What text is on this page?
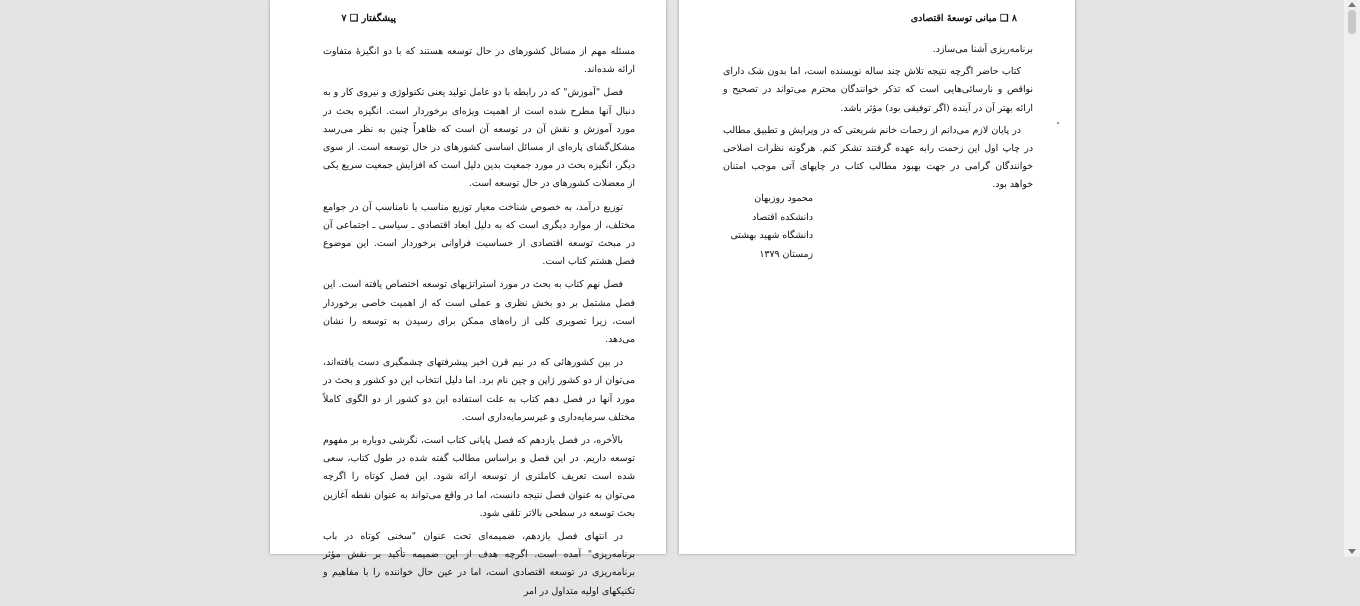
پیشگفتار ❑ ۷

مسئله مهم از مسائل کشورهای در حال توسعه هستند که با دو انگیزهٔ متفاوت ارائه شده‌اند.

فصل "آموزش" که در رابطه با دو عامل تولید یعنی تکنولوژی و نیروی کار و به دنبال آنها مطرح شده است از اهمیت ویژه‌ای برخوردار است. انگیزه بحث در مورد آموزش و نقش آن در توسعه آن است که ظاهراً چنین به نظر می‌رسد مشکل‌گشای پاره‌ای از مسائل اساسی کشورهای در حال توسعه است. از سوی دیگر، انگیزه بحث در مورد جمعیت بدین دلیل است که افزایش جمعیت سریع یکی از معضلات کشورهای در حال توسعه است.

توزیع درآمد، به خصوص شناخت معیار توزیع مناسب یا نامناسب آن در جوامع مختلف، از موارد دیگری است که به دلیل ابعاد اقتصادی ـ سیاسی ـ اجتماعی آن در مبحث توسعه اقتصادی از حساسیت فراوانی برخوردار است. این موضوع فصل هشتم کتاب است.

فصل نهم کتاب به بحث در مورد استراتژیهای توسعه اختصاص یافته است. این فصل مشتمل بر دو بخش نظری و عملی است که از اهمیت خاصی برخوردار است، زیرا تصویری کلی از راه‌های ممکن برای رسیدن به توسعه را نشان می‌دهد.

در بین کشورهائی که در نیم قرن اخیر پیشرفتهای چشمگیری دست یافته‌اند، می‌توان از دو کشور ژاپن و چین نام برد. اما دلیل انتخاب این دو کشور و بحث در مورد آنها در فصل دهم کتاب به علت استفاده این دو کشور از دو الگوی کاملاً مختلف سرمایه‌داری و غیرسرمایه‌داری است.

بالأخره، در فصل یازدهم که فصل پایانی کتاب است، نگرشی دوباره بر مفهوم توسعه داریم. در این فصل و براساس مطالب گفته شده در طول کتاب، سعی شده است تعریف کاملتری از توسعه ارائه شود. این فصل کوتاه را اگرچه می‌توان به عنوان فصل نتیجه دانست، اما در واقع می‌تواند به عنوان نقطه آغازین بحث توسعه در سطحی بالاتر تلقی شود.

در انتهای فصل یازدهم، ضمیمه‌ای تحت عنوان "سخنی کوتاه در باب برنامه‌ریزی" آمده است. اگرچه هدف از این ضمیمه تأکید بر نقش مؤثر برنامه‌ریزی در توسعه اقتصادی است، اما در عین حال خواننده را با مفاهیم و تکنیکهای اولیه متداول در امر

۸ ❑ مبانی توسعهٔ اقتصادی

برنامه‌ریزی آشنا می‌سازد.

کتاب حاضر اگرچه نتیجه تلاش چند ساله نویسنده است، اما بدون شک دارای نواقص و نارسائی‌هایی است که تذکر خوانندگان محترم می‌تواند در تصحیح و ارائه بهتر آن در آینده (اگر توفیقی بود) مؤثر باشد.

در پایان لازم می‌دانم از زحمات خانم شریعتی که در ویرایش و تطبیق مطالب در چاپ اول این زحمت رابه عهده گرفتند تشکر کنم. هرگونه نظرات اصلاحی خوانندگان گرامی در جهت بهبود مطالب کتاب در چاپهای آتی موجب امتنان خواهد بود.

محمود روزبهان
دانشکده اقتصاد
دانشگاه شهید بهشتی
زمستان ۱۳۷۹
